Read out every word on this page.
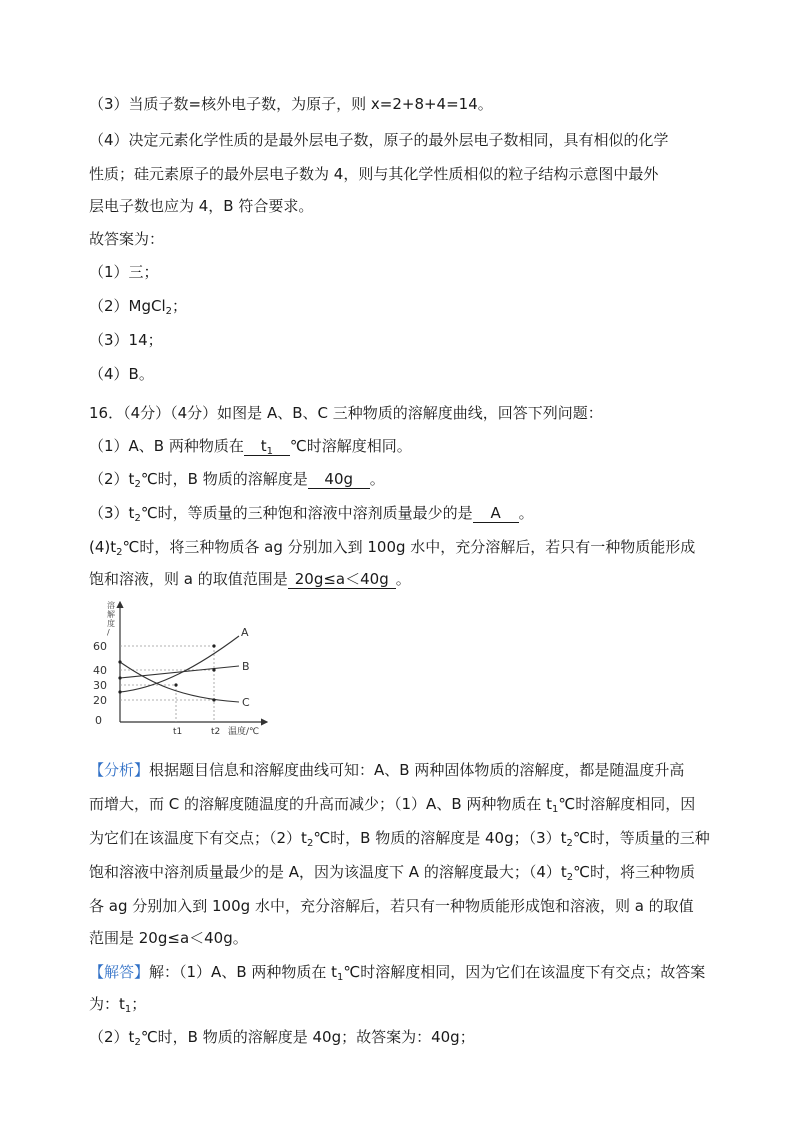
（3）当质子数=核外电子数，为原子，则 x=2+8+4=14。
（4）决定元素化学性质的是最外层电子数，原子的最外层电子数相同，具有相似的化学
性质；硅元素原子的最外层电子数为 4，则与其化学性质相似的粒子结构示意图中最外
层电子数也应为 4，B 符合要求。
故答案为：
（1）三；
（2）MgCl$_2$；
（3）14；
（4）B。
16．（4分）（4分）如图是 A、B、C 三种物质的溶解度曲线，回答下列问题：
（1）A、B 两种物质在 $t_1$ ℃时溶解度相同。
$(2)t_2℃$时，B 物质的溶解度是 40g 。
$(3)t_2℃$时，等质量的三种饱和溶液中溶剂质量最少的是 A 。
$(4)t_2℃$时，将三种物质各 ag 分别加入到 100g 水中，充分溶解后，若只有一种物质能形成
溶 解 度 /
60
40
30
20
0
A
B
C
t1	t2 温度/℃
【分析】根据题目信息和溶解度曲线可知：A、B 两种固体物质的溶解度，都是随温度升高
而增大，而 C 的溶解度随温度的升高而减少；（1）A、B 两种物质在 $t_1℃$时溶解度相同，因
为它们在该温度下有交点；$(2)t_2℃$时，B 物质的溶解度是 40g；$(3)t_2℃$时，等质量的三种
饱和溶液中溶剂质量最少的是 A，因为该温度下 A 的溶解度最大；$(4)t_2℃$时，将三种物质
各 ag 分别加入到 100g 水中，充分溶解后，若只有一种物质能形成饱和溶液，则 a 的取值
范围是 20g≤a＜40g。
【解答】解：（1）A、B 两种物质在 $t_1℃$时溶解度相同，因为它们在该温度下有交点；故答案
为：$t_1$；
$(2)t_2℃$时，B 物质的溶解度是 40g；故答案为：40g；
饱和溶液，则 a 的取值范围是 20g≤a＜40g 。
